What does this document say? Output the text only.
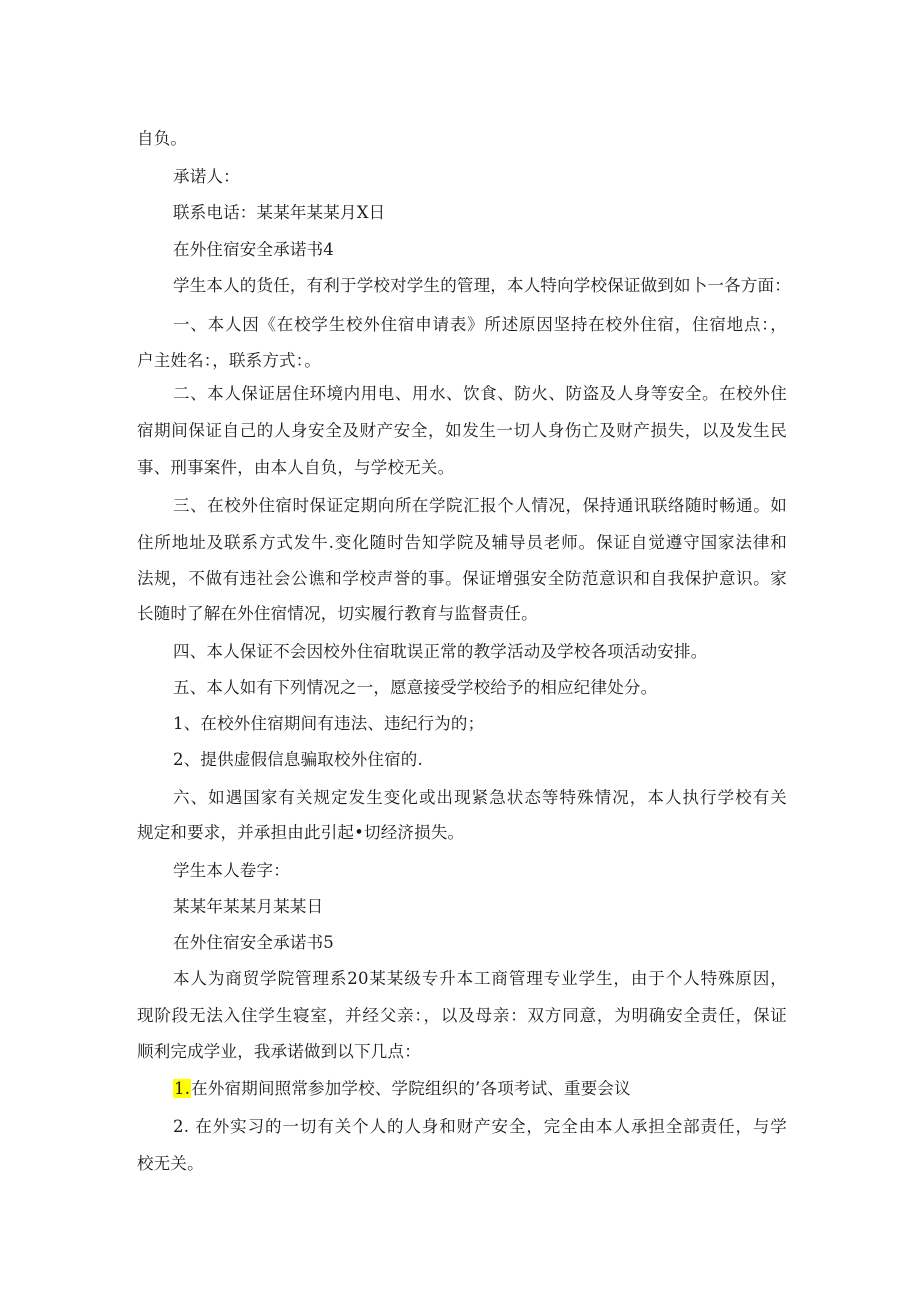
自负。
承诺人：
联系电话：某某年某某月X日
在外住宿安全承诺书4
学生本人的货任，有利于学校对学生的管理，本人特向学校保证做到如卜一各方面：
一、本人因《在校学生校外住宿申请表》所述原因坚持在校外住宿，住宿地点：，
户主姓名：，联系方式：。
二、本人保证居住环境内用电、用水、饮食、防火、防盗及人身等安全。在校外住
宿期间保证自己的人身安全及财产安全，如发生一切人身伤亡及财产损失，以及发生民
事、刑事案件，由本人自负，与学校无关。
三、在校外住宿时保证定期向所在学院汇报个人情况，保持通讯联络随时畅通。如
住所地址及联系方式发牛.变化随时告知学院及辅导员老师。保证自觉遵守国家法律和
法规，不做有违社会公谯和学校声誉的事。保证增强安全防范意识和自我保护意识。家
长随时了解在外住宿情况，切实履行教育与监督责任。
四、本人保证不会因校外住宿耽误正常的教学活动及学校各项活动安排。
五、本人如有下列情况之一，愿意接受学校给予的相应纪律处分。
1、在校外住宿期间有违法、违纪行为的；
2、提供虚假信息骗取校外住宿的.
六、如遇国家有关规定发生变化或出现紧急状态等特殊情况，本人执行学校有关
规定和要求，并承担由此引起•切经济损失。
学生本人卷字：
某某年某某月某某日
在外住宿安全承诺书5
本人为商贸学院管理系20某某级专升本工商管理专业学生，由于个人特殊原因，
现阶段无法入住学生寝室，并经父亲：，以及母亲：双方同意，为明确安全责任，保证
顺利完成学业，我承诺做到以下几点：
1.在外宿期间照常参加学校、学院组织的’各项考试、重要会议
2. 在外实习的一切有关个人的人身和财产安全，完全由本人承担全部责任，与学
校无关。
